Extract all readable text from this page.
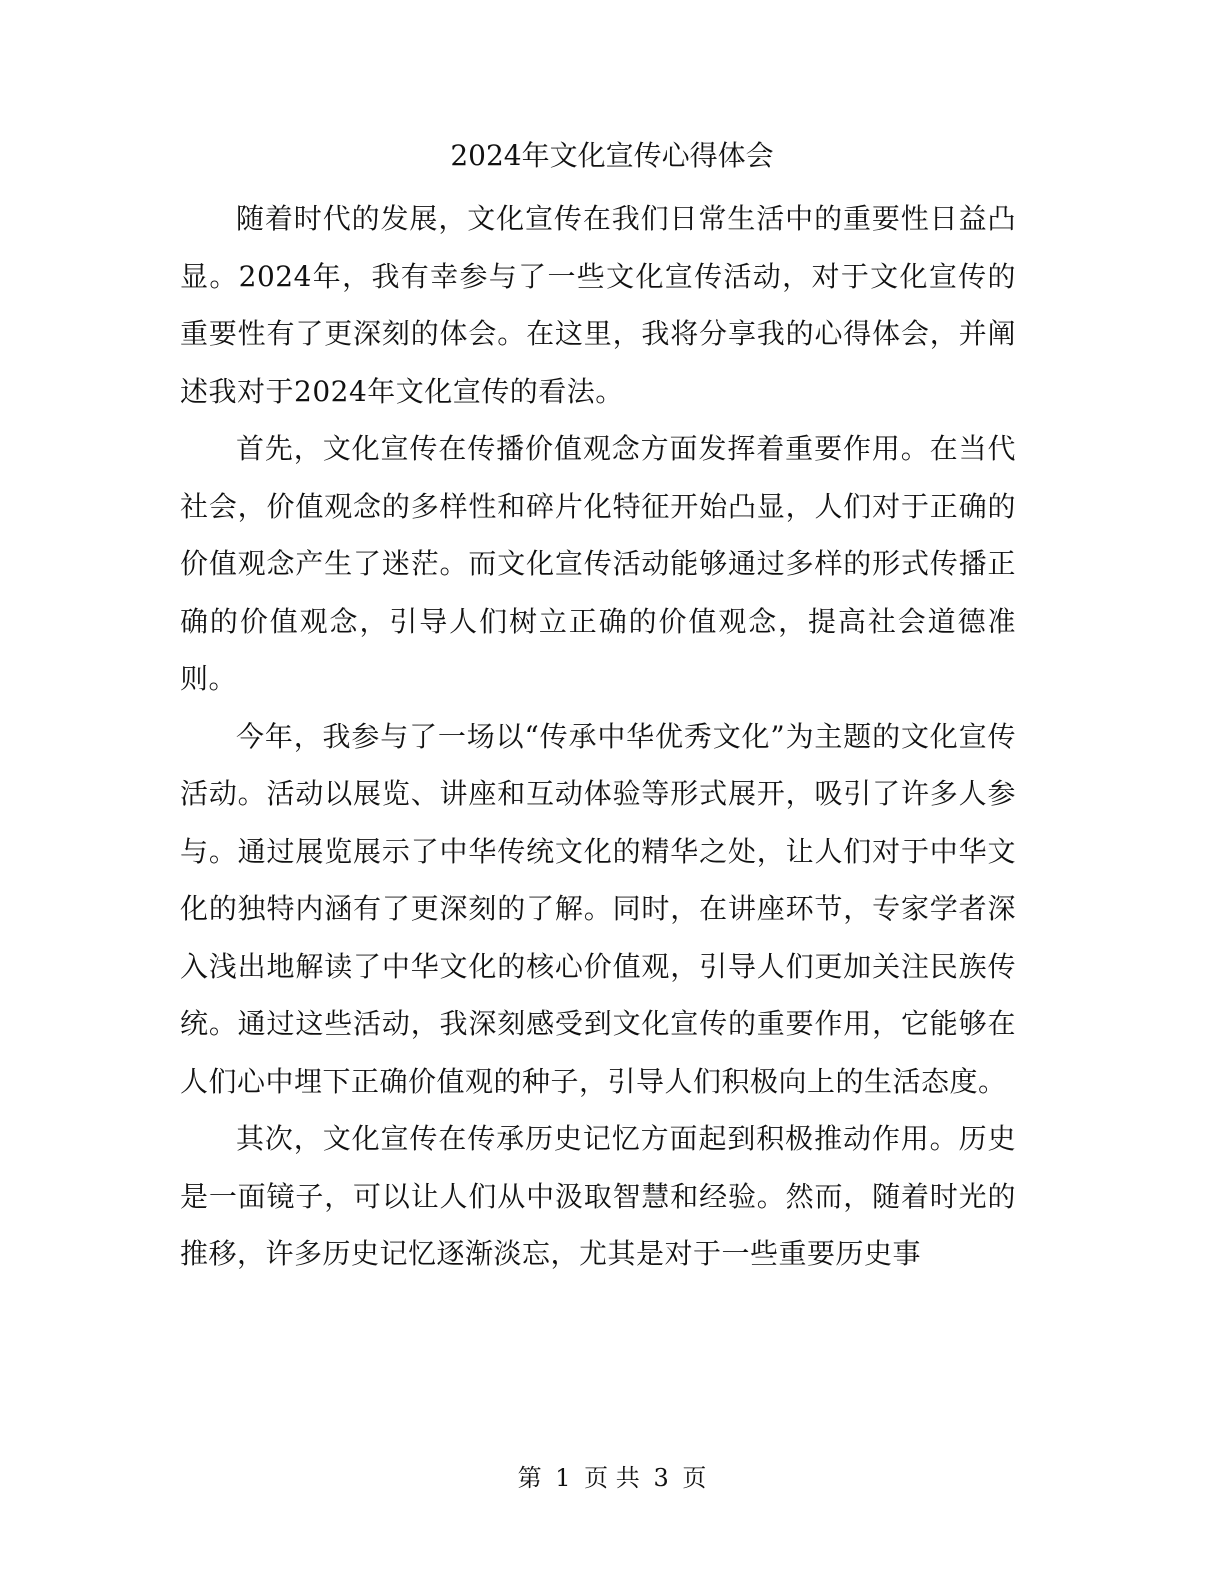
2024年文化宣传心得体会

随着时代的发展，文化宣传在我们日常生活中的重要性日益凸显。2024年，我有幸参与了一些文化宣传活动，对于文化宣传的重要性有了更深刻的体会。在这里，我将分享我的心得体会，并阐述我对于2024年文化宣传的看法。

首先，文化宣传在传播价值观念方面发挥着重要作用。在当代社会，价值观念的多样性和碎片化特征开始凸显，人们对于正确的价值观念产生了迷茫。而文化宣传活动能够通过多样的形式传播正确的价值观念，引导人们树立正确的价值观念，提高社会道德准则。

今年，我参与了一场以“传承中华优秀文化”为主题的文化宣传活动。活动以展览、讲座和互动体验等形式展开，吸引了许多人参与。通过展览展示了中华传统文化的精华之处，让人们对于中华文化的独特内涵有了更深刻的了解。同时，在讲座环节，专家学者深入浅出地解读了中华文化的核心价值观，引导人们更加关注民族传统。通过这些活动，我深刻感受到文化宣传的重要作用，它能够在人们心中埋下正确价值观的种子，引导人们积极向上的生活态度。

其次，文化宣传在传承历史记忆方面起到积极推动作用。历史是一面镜子，可以让人们从中汲取智慧和经验。然而，随着时光的推移，许多历史记忆逐渐淡忘，尤其是对于一些重要历史事

第 1 页 共 3 页
